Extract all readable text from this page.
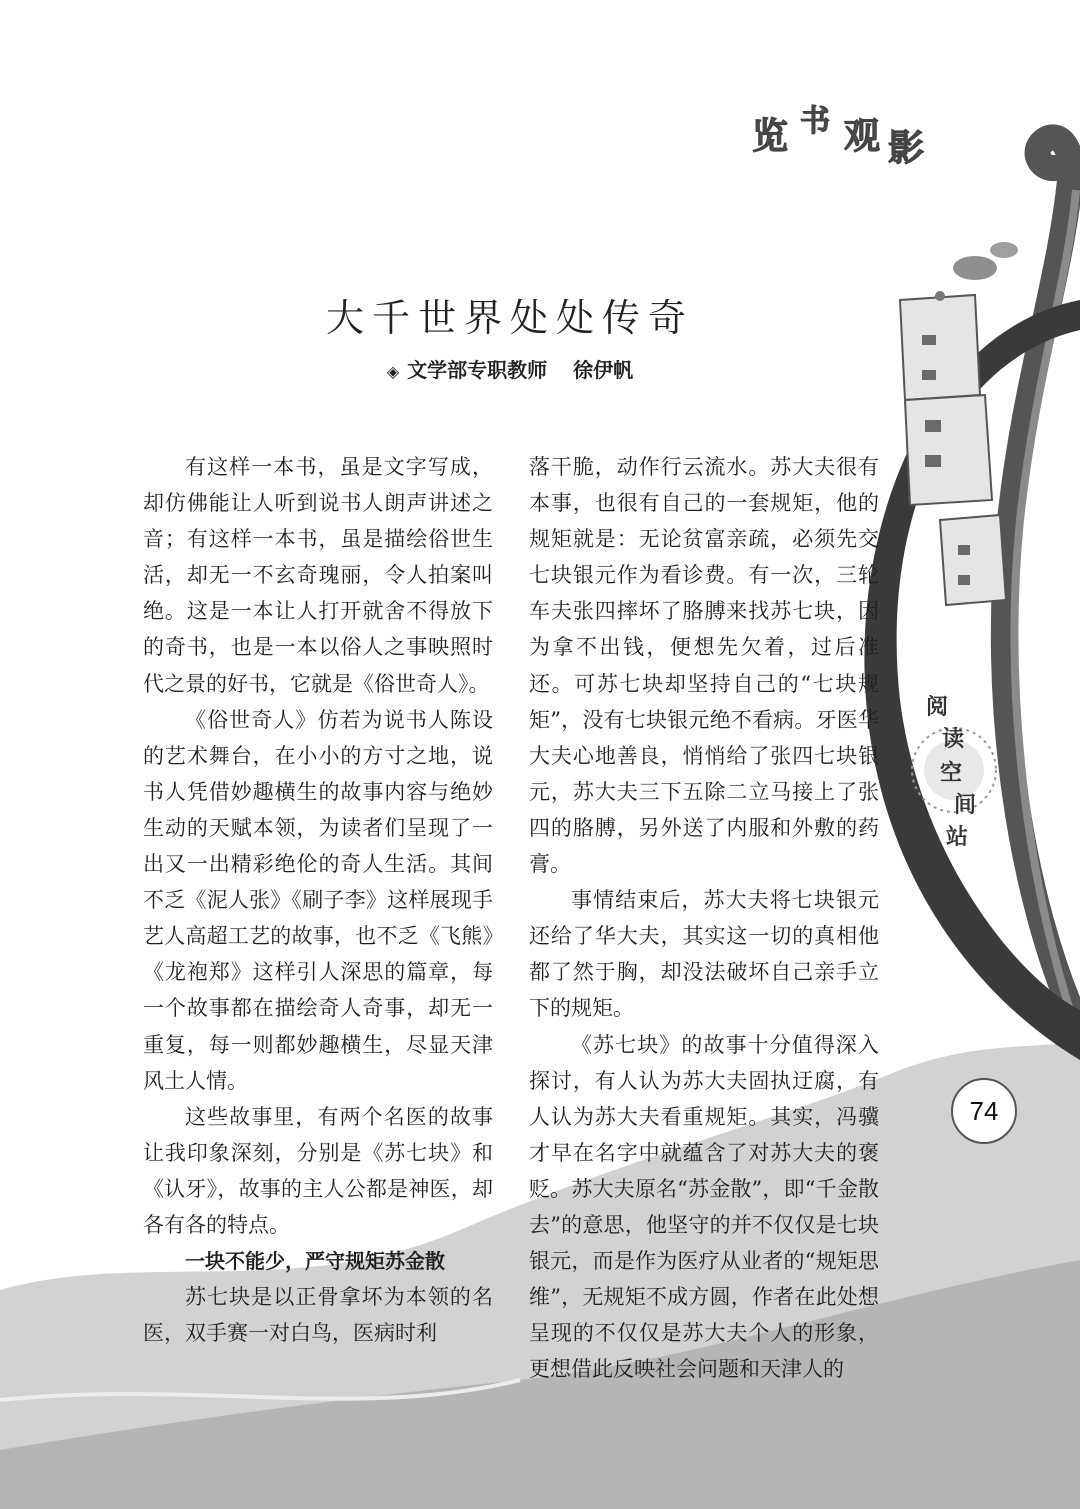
览 书 观 影
大千世界处处传奇
◈ 文学部专职教师 徐伊帆

有这样一本书，虽是文字写成，却仿佛能让人听到说书人朗声讲述之音；有这样一本书，虽是描绘俗世生活，却无一不玄奇瑰丽，令人拍案叫绝。这是一本让人打开就舍不得放下的奇书，也是一本以俗人之事映照时代之景的好书，它就是《俗世奇人》。

《俗世奇人》仿若为说书人陈设的艺术舞台，在小小的方寸之地，说书人凭借妙趣横生的故事内容与绝妙生动的天赋本领，为读者们呈现了一出又一出精彩绝伦的奇人生活。其间不乏《泥人张》《刷子李》这样展现手艺人高超工艺的故事，也不乏《飞熊》《龙袍郑》这样引人深思的篇章，每一个故事都在描绘奇人奇事，却无一重复，每一则都妙趣横生，尽显天津风土人情。

这些故事里，有两个名医的故事让我印象深刻，分别是《苏七块》和《认牙》，故事的主人公都是神医，却各有各的特点。

一块不能少，严守规矩苏金散

苏七块是以正骨拿坏为本领的名医，双手赛一对白鸟，医病时利

落干脆，动作行云流水。苏大夫很有本事，也很有自己的一套规矩，他的规矩就是：无论贫富亲疏，必须先交七块银元作为看诊费。有一次，三轮车夫张四摔坏了胳膊来找苏七块，因为拿不出钱，便想先欠着，过后准还。可苏七块却坚持自己的“七块规矩”，没有七块银元绝不看病。牙医华大夫心地善良，悄悄给了张四七块银元，苏大夫三下五除二立马接上了张四的胳膊，另外送了内服和外敷的药膏。

事情结束后，苏大夫将七块银元还给了华大夫，其实这一切的真相他都了然于胸，却没法破坏自己亲手立下的规矩。

《苏七块》的故事十分值得深入探讨，有人认为苏大夫固执迂腐，有人认为苏大夫看重规矩。其实，冯骥才早在名字中就蕴含了对苏大夫的褒贬。苏大夫原名“苏金散”，即“千金散去”的意思，他坚守的并不仅仅是七块银元，而是作为医疗从业者的“规矩思维”，无规矩不成方圆，作者在此处想呈现的不仅仅是苏大夫个人的形象，更想借此反映社会问题和天津人的

阅
读
空
间
站
74
